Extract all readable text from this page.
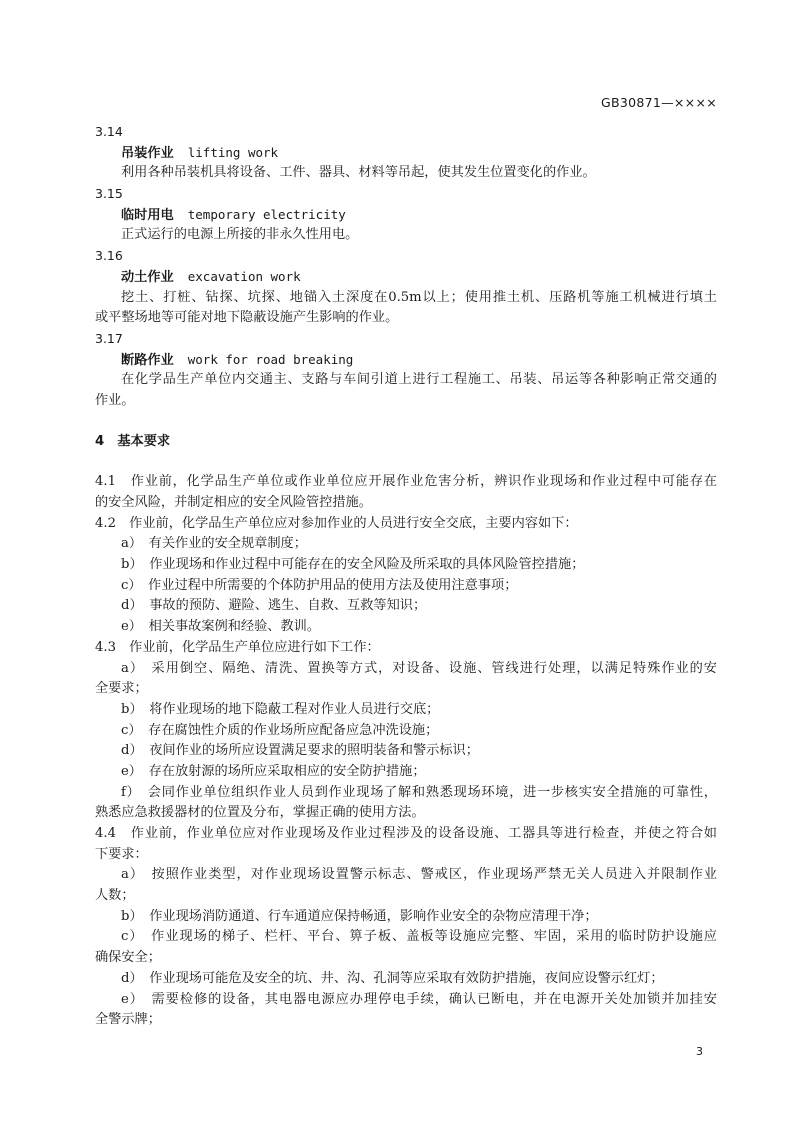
GB30871—××××
3.14
吊装作业 lifting work
利用各种吊装机具将设备、工件、器具、材料等吊起，使其发生位置变化的作业。
3.15
临时用电 temporary electricity
正式运行的电源上所接的非永久性用电。
3.16
动土作业 excavation work
挖土、打桩、钻探、坑探、地锚入土深度在0.5m以上；使用推土机、压路机等施工机械进行填土
或平整场地等可能对地下隐蔽设施产生影响的作业。
3.17
断路作业 work for road breaking
在化学品生产单位内交通主、支路与车间引道上进行工程施工、吊装、吊运等各种影响正常交通的
作业。
4　基本要求
4.1　作业前，化学品生产单位或作业单位应开展作业危害分析，辨识作业现场和作业过程中可能存在
的安全风险，并制定相应的安全风险管控措施。
4.2　作业前，化学品生产单位应对参加作业的人员进行安全交底，主要内容如下：
a）　有关作业的安全规章制度；
b）　作业现场和作业过程中可能存在的安全风险及所采取的具体风险管控措施；
c）　作业过程中所需要的个体防护用品的使用方法及使用注意事项；
d）　事故的预防、避险、逃生、自救、互救等知识；
e）　相关事故案例和经验、教训。
4.3　作业前，化学品生产单位应进行如下工作：
a）　采用倒空、隔绝、清洗、置换等方式，对设备、设施、管线进行处理，以满足特殊作业的安
全要求；
b）　将作业现场的地下隐蔽工程对作业人员进行交底；
c）　存在腐蚀性介质的作业场所应配备应急冲洗设施；
d）　夜间作业的场所应设置满足要求的照明装备和警示标识；
e）　存在放射源的场所应采取相应的安全防护措施；
f）　会同作业单位组织作业人员到作业现场了解和熟悉现场环境，进一步核实安全措施的可靠性，
熟悉应急救援器材的位置及分布，掌握正确的使用方法。
4.4　作业前，作业单位应对作业现场及作业过程涉及的设备设施、工器具等进行检查，并使之符合如
下要求：
a）　按照作业类型，对作业现场设置警示标志、警戒区，作业现场严禁无关人员进入并限制作业
人数；
b）　作业现场消防通道、行车通道应保持畅通，影响作业安全的杂物应清理干净；
c）　作业现场的梯子、栏杆、平台、箅子板、盖板等设施应完整、牢固，采用的临时防护设施应
确保安全；
d）　作业现场可能危及安全的坑、井、沟、孔洞等应采取有效防护措施，夜间应设警示红灯；
e）　需要检修的设备，其电器电源应办理停电手续，确认已断电，并在电源开关处加锁并加挂安
全警示牌；
3
